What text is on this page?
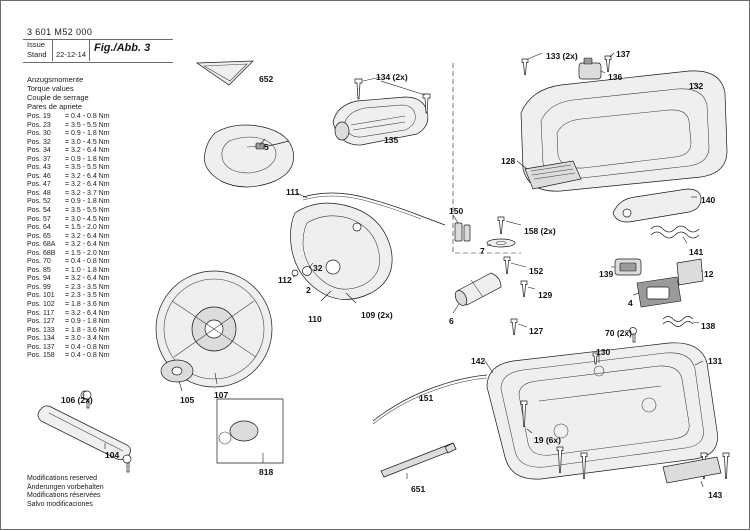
3 601 M52 000
Issue
Stand 22-12-14
Fig./Abb. 3
Anzugsmomente
Torque values
Couple de serrage
Pares de apriete
Pos. 19 = 0.4 - 0.8 Nm
Pos. 23 = 3.5 - 5.5 Nm
Pos. 30 = 0.9 - 1.8 Nm
Pos. 32 = 3.0 - 4.5 Nm
Pos. 34 = 3.2 - 6.4 Nm
Pos. 37 = 0.9 - 1.8 Nm
Pos. 43 = 3.5 - 5.5 Nm
Pos. 46 = 3.2 - 6.4 Nm
Pos. 47 = 3.2 - 6.4 Nm
Pos. 48 = 3.2 - 3.7 Nm
Pos. 52 = 0.9 - 1.8 Nm
Pos. 54 = 3.5 - 5.5 Nm
Pos. 57 = 3.0 - 4.5 Nm
Pos. 64 = 1.5 - 2.0 Nm
Pos. 65 = 3.2 - 6.4 Nm
Pos. 68A = 3.2 - 6.4 Nm
Pos. 68B = 1.5 - 2.0 Nm
Pos. 70 = 0.4 - 0.8 Nm
Pos. 85 = 1.0 - 1.8 Nm
Pos. 94 = 3.2 - 6.4 Nm
Pos. 99 = 2.3 - 3.5 Nm
Pos. 101 = 2.3 - 3.5 Nm
Pos. 102 = 1.8 - 3.6 Nm
Pos. 117 = 3.2 - 6.4 Nm
Pos. 127 = 0.9 - 1.8 Nm
Pos. 133 = 1.8 - 3.6 Nm
Pos. 134 = 3.0 - 3.4 Nm
Pos. 137 = 0.4 - 0.8 Nm
Pos. 158 = 0.4 - 0.8 Nm
Modifications reserved
Änderungen vorbehalten
Modifications réservées
Salvo modificaciones
652	134 (2x)
133 (2x)	137
136
132
135
128
140
141
5
111
150
158 (2x)
7
152	139	12
32
112
2	129
4
110	109 (2x)
6
70 (2x)
138
127
130
131
142
151
105 107
106 (2x)
104
19 (6x)
818
651
143
